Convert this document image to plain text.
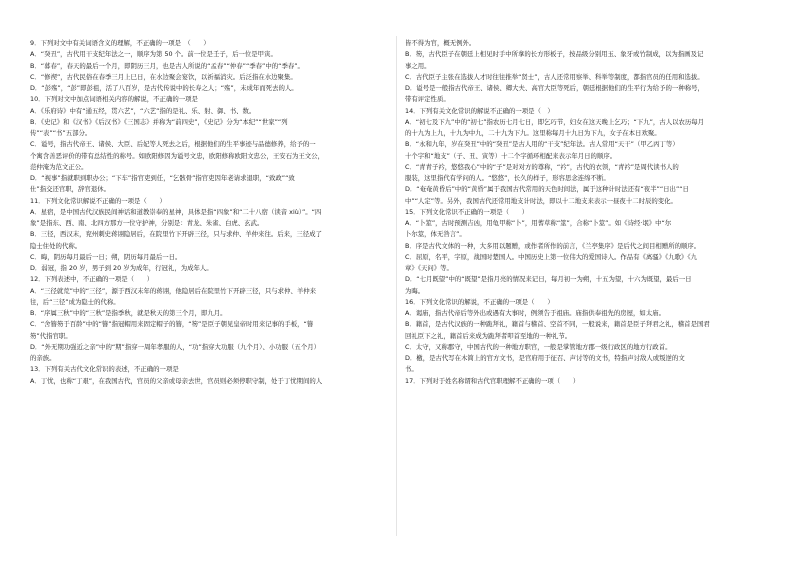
9．下列对文中有关词语含义的理解，不正确的一项是　（　　）
A．“癸丑”，古代用干支纪年法之一，顺序为第 50 个。前一位是壬子，后一位是甲寅。
B．“暮春”，春天的最后一个月，即阴历三月，也是古人所说的“孟春”“仲春”“季春”中的“季春”。
C．“修禊”，古代民俗在春季三月上巳日，在水边聚会宴饮，以祈福消灾。后泛指在水边聚集。
D．“彭殇”，“彭”即彭祖，活了八百岁，是古代传说中的长寿之人；“殇”，未成年而死去的人。
10．下列对文中加点词语相关内容的解说，不正确的一项是
A．《乐府诗》中有“通五经，贯六艺”，“六艺”指的是礼、乐、射、御、书、数。
B．《史记》和《汉书》《后汉书》《三国志》并称为“前四史”，《史记》分为“本纪”“世家”“列
传”“表”“书”五部分。
C．谥号，指古代帝王、诸侯、大臣、后妃等人死去之后，根据他们的生平事迹与品德修养，给予的一
个寓含善恶评价的带有总结性的称号。如欧阳修因为谥号文忠，欧阳修称欧阳文忠公，王安石为王文公，
范仲淹为范文正公。
D．“视事”指就职到职办公；“下车”指官吏到任，“乞骸骨”指官吏因年老请求退职，“致政”“致
仕”指交还官职，辞官退休。
11．下列文化常识解说不正确的一项是（　　）
A．星宿，是中国古代汉族民间神话和道教崇奉的星神，具体是指“四象”和“二十八宿（读音 xiù）”。“四
象”是指东、西、南、北四方那方一位守护神，分别是：青龙、朱雀、白虎、玄武。
B．三径，西汉末，兖州刺史蒋诩隐居后，在院里竹下开辟三径，只与求仲、羊仲来往。后来，三径成了
隐士住处的代称。
C．晦，阴历每月最后一日；朔，阴历每月最后一日。
D．弱冠，指 20 岁，男子到 20 岁为成年，行冠礼，为成年人。
12．下列表述中，不正确的一项是（　　）
A．“三径就荒”中的“三径”，源于西汉末年的蒋诩，他隐居后在院里竹下开辟三径，只与求仲、羊仲来
往，后“三径”成为隐士的代称。
B．“序属三秋”中的“三秋”是指季秋，就是秋天的第三个月，即九月。
C．“舍簪笏于百龄”中的“簪”指冠帽用来固定帽子的簪，“笏”是臣子朝见皇帝时用来记事的手板，“簪
笏”代指官职。
D．“外无期功强近之亲”中的“期”指穿一周年孝服的人，“功”指穿大功服（九个月）、小功服（五个月）
的亲族。
13．下列有关古代文化常识的表述，不正确的一项是
A．丁忧，也称“丁艰”，在我国古代，官员的父亲或母亲去世，官员则必须停职守制，处于丁忧期间的人
皆不得为官，概无例外。
B．笏，古代臣子在朝廷上相见时手中所拿的长方形板子，按品级分别用玉、象牙或竹制成，以为指画及记
事之用。
C．古代臣子主张在选拔人才时往往推举“贤士”，古人还常用察举、科举等制度，都指官员的任用和选拔。
D．谥号是一般指古代帝王、诸侯、卿大夫、高官大臣等死后，朝廷根据他们的生平行为给予的一种称号，
带有评定性质。
14．下列有关文化常识的解说不正确的一项是（　）
A．“初七及下九”中的“初七”指农历七月七日，即乞巧节，妇女在这天晚上乞巧；“下九”，古人以农历每月
的十九为上九，十九为中九，二十九为下九。这里称每月十九日为下九，女子在本日欢聚。
B．“永和九年，岁在癸丑”中的“癸丑”是古人用的“干支”纪年法。古人常用“天干”（甲乙丙丁等）
十个字和“地支”（子、丑、寅等）十二个字循环相配来表示年月日的顺序。
C．“青青子衿，悠悠我心”中的“子”是对对方的尊称，“衿”，古代的衣领，“青衿”是周代读书人的
服装，这里指代有学问的人。“悠悠”，长久的样子，形容思念连绵不断。
D．“奄奄黄昏后”中的“黄昏”属于我国古代常用的天色时间法，属于这种计时法还有“夜半”“日出”“日
中”“人定”等。另外，我国古代还常用地支计时法，即以十二地支来表示一昼夜十二时辰的变化。
15．下列文化常识不正确的一项是（　　）
A．“卜筮”，古时预测吉凶，用龟甲称“卜”，用蓍草称“筮”，合称“卜筮”。如《诗经·氓》中“尔
卜尔筮，体无咎言”。
B．序是古代文体的一种，大多用以题赠，或作者所作的前言，《兰亭集序》是后代之间目相赠所的顺序。
C．屈原，名平，字原，战国时楚国人。中国历史上第一位伟大的爱国诗人。作品有《离骚》《九歌》《九
章》《天问》等。
D．“七月既望”中的“既望”是指月亮的情况来记日，每月初一为朔，十五为望，十六为既望，最后一日
为晦。
16．下列文化常识的解说，不正确的一项是（　　）
A．谒庙，指古代帝后等外出或遇有大事时，例须告于祖庙。庙指供奉祖先的房屋，如太庙。
B．籍首，是古代汉族的一种跪拜礼，籍首与稽首、空首不同，一般说来，籍首是臣子拜君之礼，稽首是国君
回礼臣下之礼，籍首后来成为跪拜者叩首至地的一种礼节。
C．太守，又称郡守，中国古代的一种地方职官，一般是掌管地方郡一级行政区的地方行政首。
D．檄，是古代写在木简上的官方文书，是官府用于征召、声讨等的文书，特指声讨敌人或叛逆的文
书。
17．下列对于姓名称谓和古代官职理解不正确的一项（　　）
